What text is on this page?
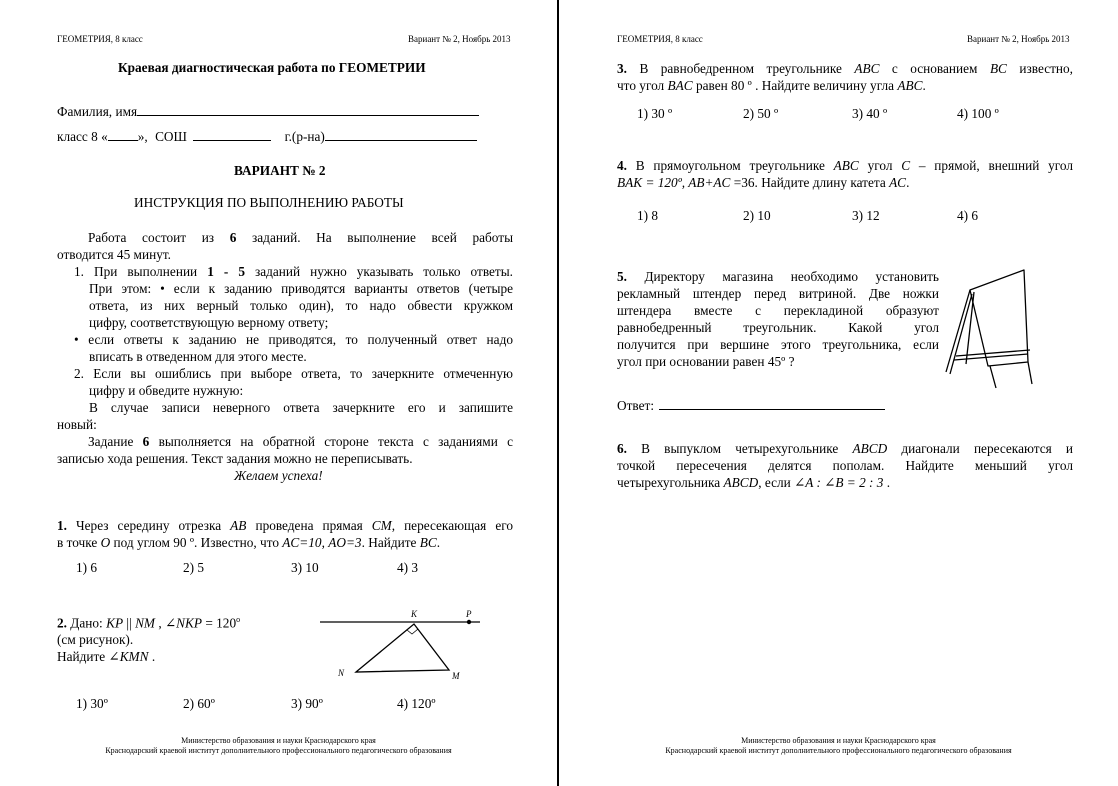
ГЕОМЕТРИЯ, 8 класс	Вариант № 2, Ноябрь 2013
Краевая диагностическая работа по ГЕОМЕТРИИ
Фамилия, имя
класс 8 « », СОШ	г.(р-на)
ВАРИАНТ № 2
ИНСТРУКЦИЯ ПО ВЫПОЛНЕНИЮ РАБОТЫ
Работа состоит из 6 заданий. На выполнение всей работы
отводится 45 минут.
1. При выполнении 1 - 5 заданий нужно указывать только ответы.
При этом: • если к заданию приводятся варианты ответов (четыре
ответа, из них верный только один), то надо обвести кружком
цифру, соответствующую верному ответу;
• если ответы к заданию не приводятся, то полученный ответ надо
вписать в отведенном для этого месте.
2. Если вы ошиблись при выборе ответа, то зачеркните отмеченную
цифру и обведите нужную:
В случае записи неверного ответа зачеркните его и запишите
новый:
Задание 6 выполняется на обратной стороне текста с заданиями с
записью хода решения. Текст задания можно не переписывать.
Желаем успеха!
1. Через середину отрезка AB проведена прямая CM, пересекающая его
в точке O под углом 90 º. Известно, что AC=10, AO=3. Найдите BC.
1) 6	2) 5	3) 10	4) 3
2. Дано: KP || NM , ∠NKP = $120^o$
(см рисунок).
Найдите ∠KMN .
K	P
N	M
1) 30º	2) 60º	3) 90º	4) 120º
Министерство образования и науки Краснодарского края
Краснодарский краевой институт дополнительного профессионального педагогического образования
ГЕОМЕТРИЯ, 8 класс	Вариант № 2, Ноябрь 2013
3. В равнобедренном треугольнике ABC с основанием BC известно,
что угол BAC равен 80 º . Найдите величину угла ABC.
1) 30 º	2) 50 º	3) 40 º	4) 100 º
4. В прямоугольном треугольнике ABC угол C – прямой, внешний угол
BAK = 120º, AB+AC =36. Найдите длину катета AC.
1) 8	2) 10	3) 12	4) 6
5. Директору магазина необходимо установить
рекламный штендер перед витриной. Две ножки
штендера вместе с перекладиной образуют
равнобедренный треугольник. Какой угол
получится при вершине этого треугольника, если
угол при основании равен 45º ?
Ответ:
6. В выпуклом четырехугольнике ABCD диагонали пересекаются и
точкой пересечения делятся пополам. Найдите меньший угол
четырехугольника ABCD, если ∠A : ∠B = 2 : 3 .
Министерство образования и науки Краснодарского края
Краснодарский краевой институт дополнительного профессионального педагогического образования
